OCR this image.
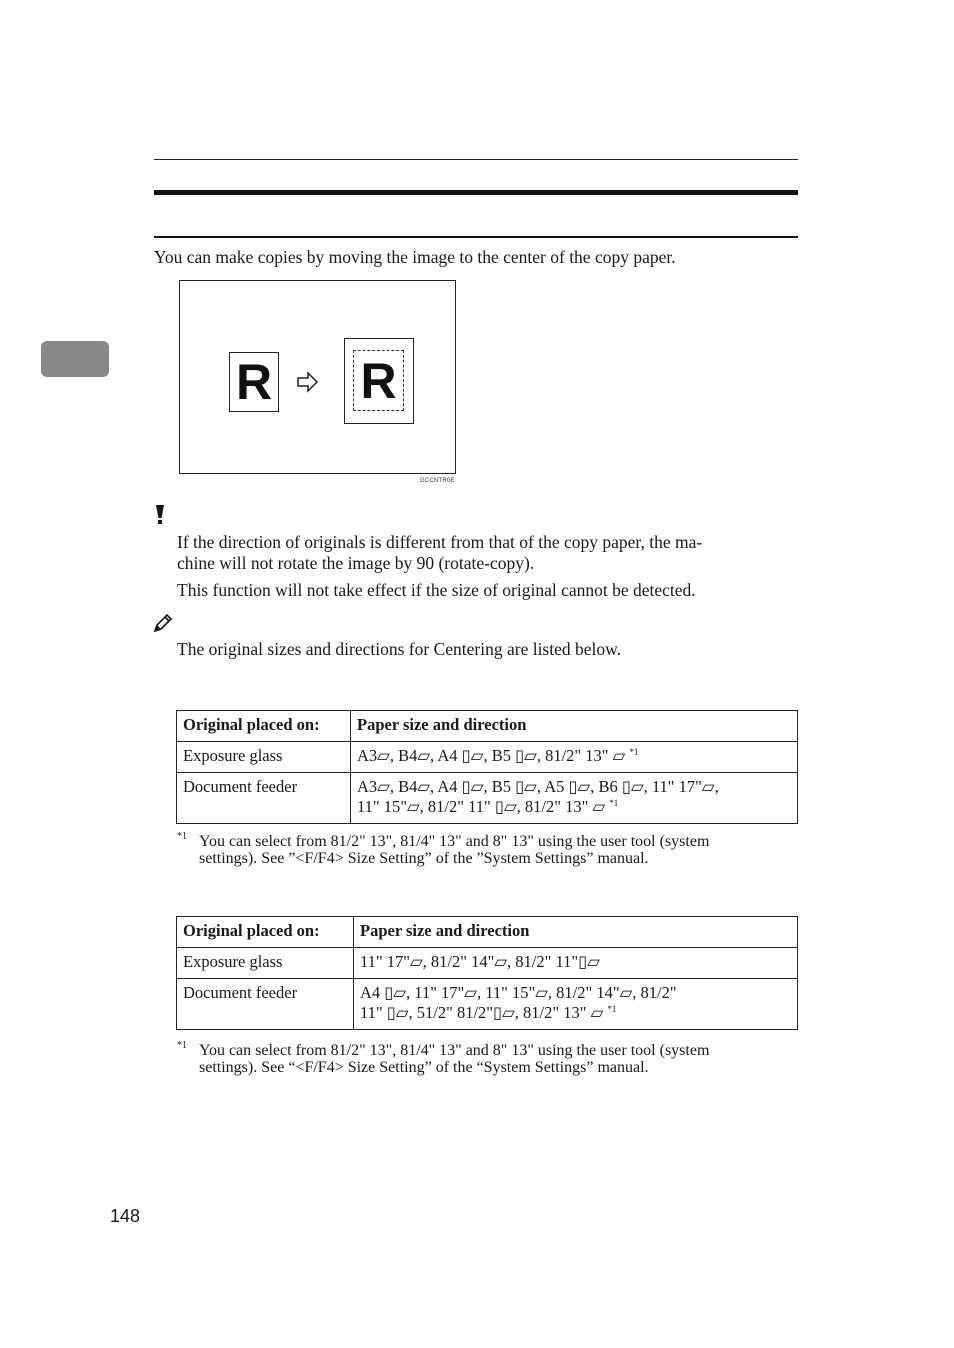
You can make copies by moving the image to the center of the copy paper.
R R
GCCNTR0E
If the direction of originals is different from that of the copy paper, the ma-
chine will not rotate the image by 90 (rotate-copy).
This function will not take effect if the size of original cannot be detected.
The original sizes and directions for Centering are listed below.
Original placed on:	Paper size and direction
Exposure glass	A3▱, B4▱, A4 ▯▱, B5 ▯▱, 81/2" 13" ▱ $^{*1}$
Document feeder	A3▱, B4▱, A4 ▯▱, B5 ▯▱, A5 ▯▱, B6 ▯▱, 11" 17"▱,
11" 15"▱, 81/2" 11" ▯▱, 81/2" 13" ▱ $^{*1}$
*1 You can select from 81/2" 13", 81/4" 13" and 8" 13" using the user tool (system
settings). See ”<F/F4> Size Setting” of the ”System Settings” manual.
Original placed on:	Paper size and direction
Exposure glass	11" 17"▱, 81/2" 14"▱, 81/2" 11"▯▱
Document feeder	A4 ▯▱, 11" 17"▱, 11" 15"▱, 81/2" 14"▱, 81/2"
11" ▯▱, 51/2" 81/2"▯▱, 81/2" 13" ▱ $^{*1}$
*1 You can select from 81/2" 13", 81/4" 13" and 8" 13" using the user tool (system
settings). See “<F/F4> Size Setting” of the “System Settings” manual.
148
